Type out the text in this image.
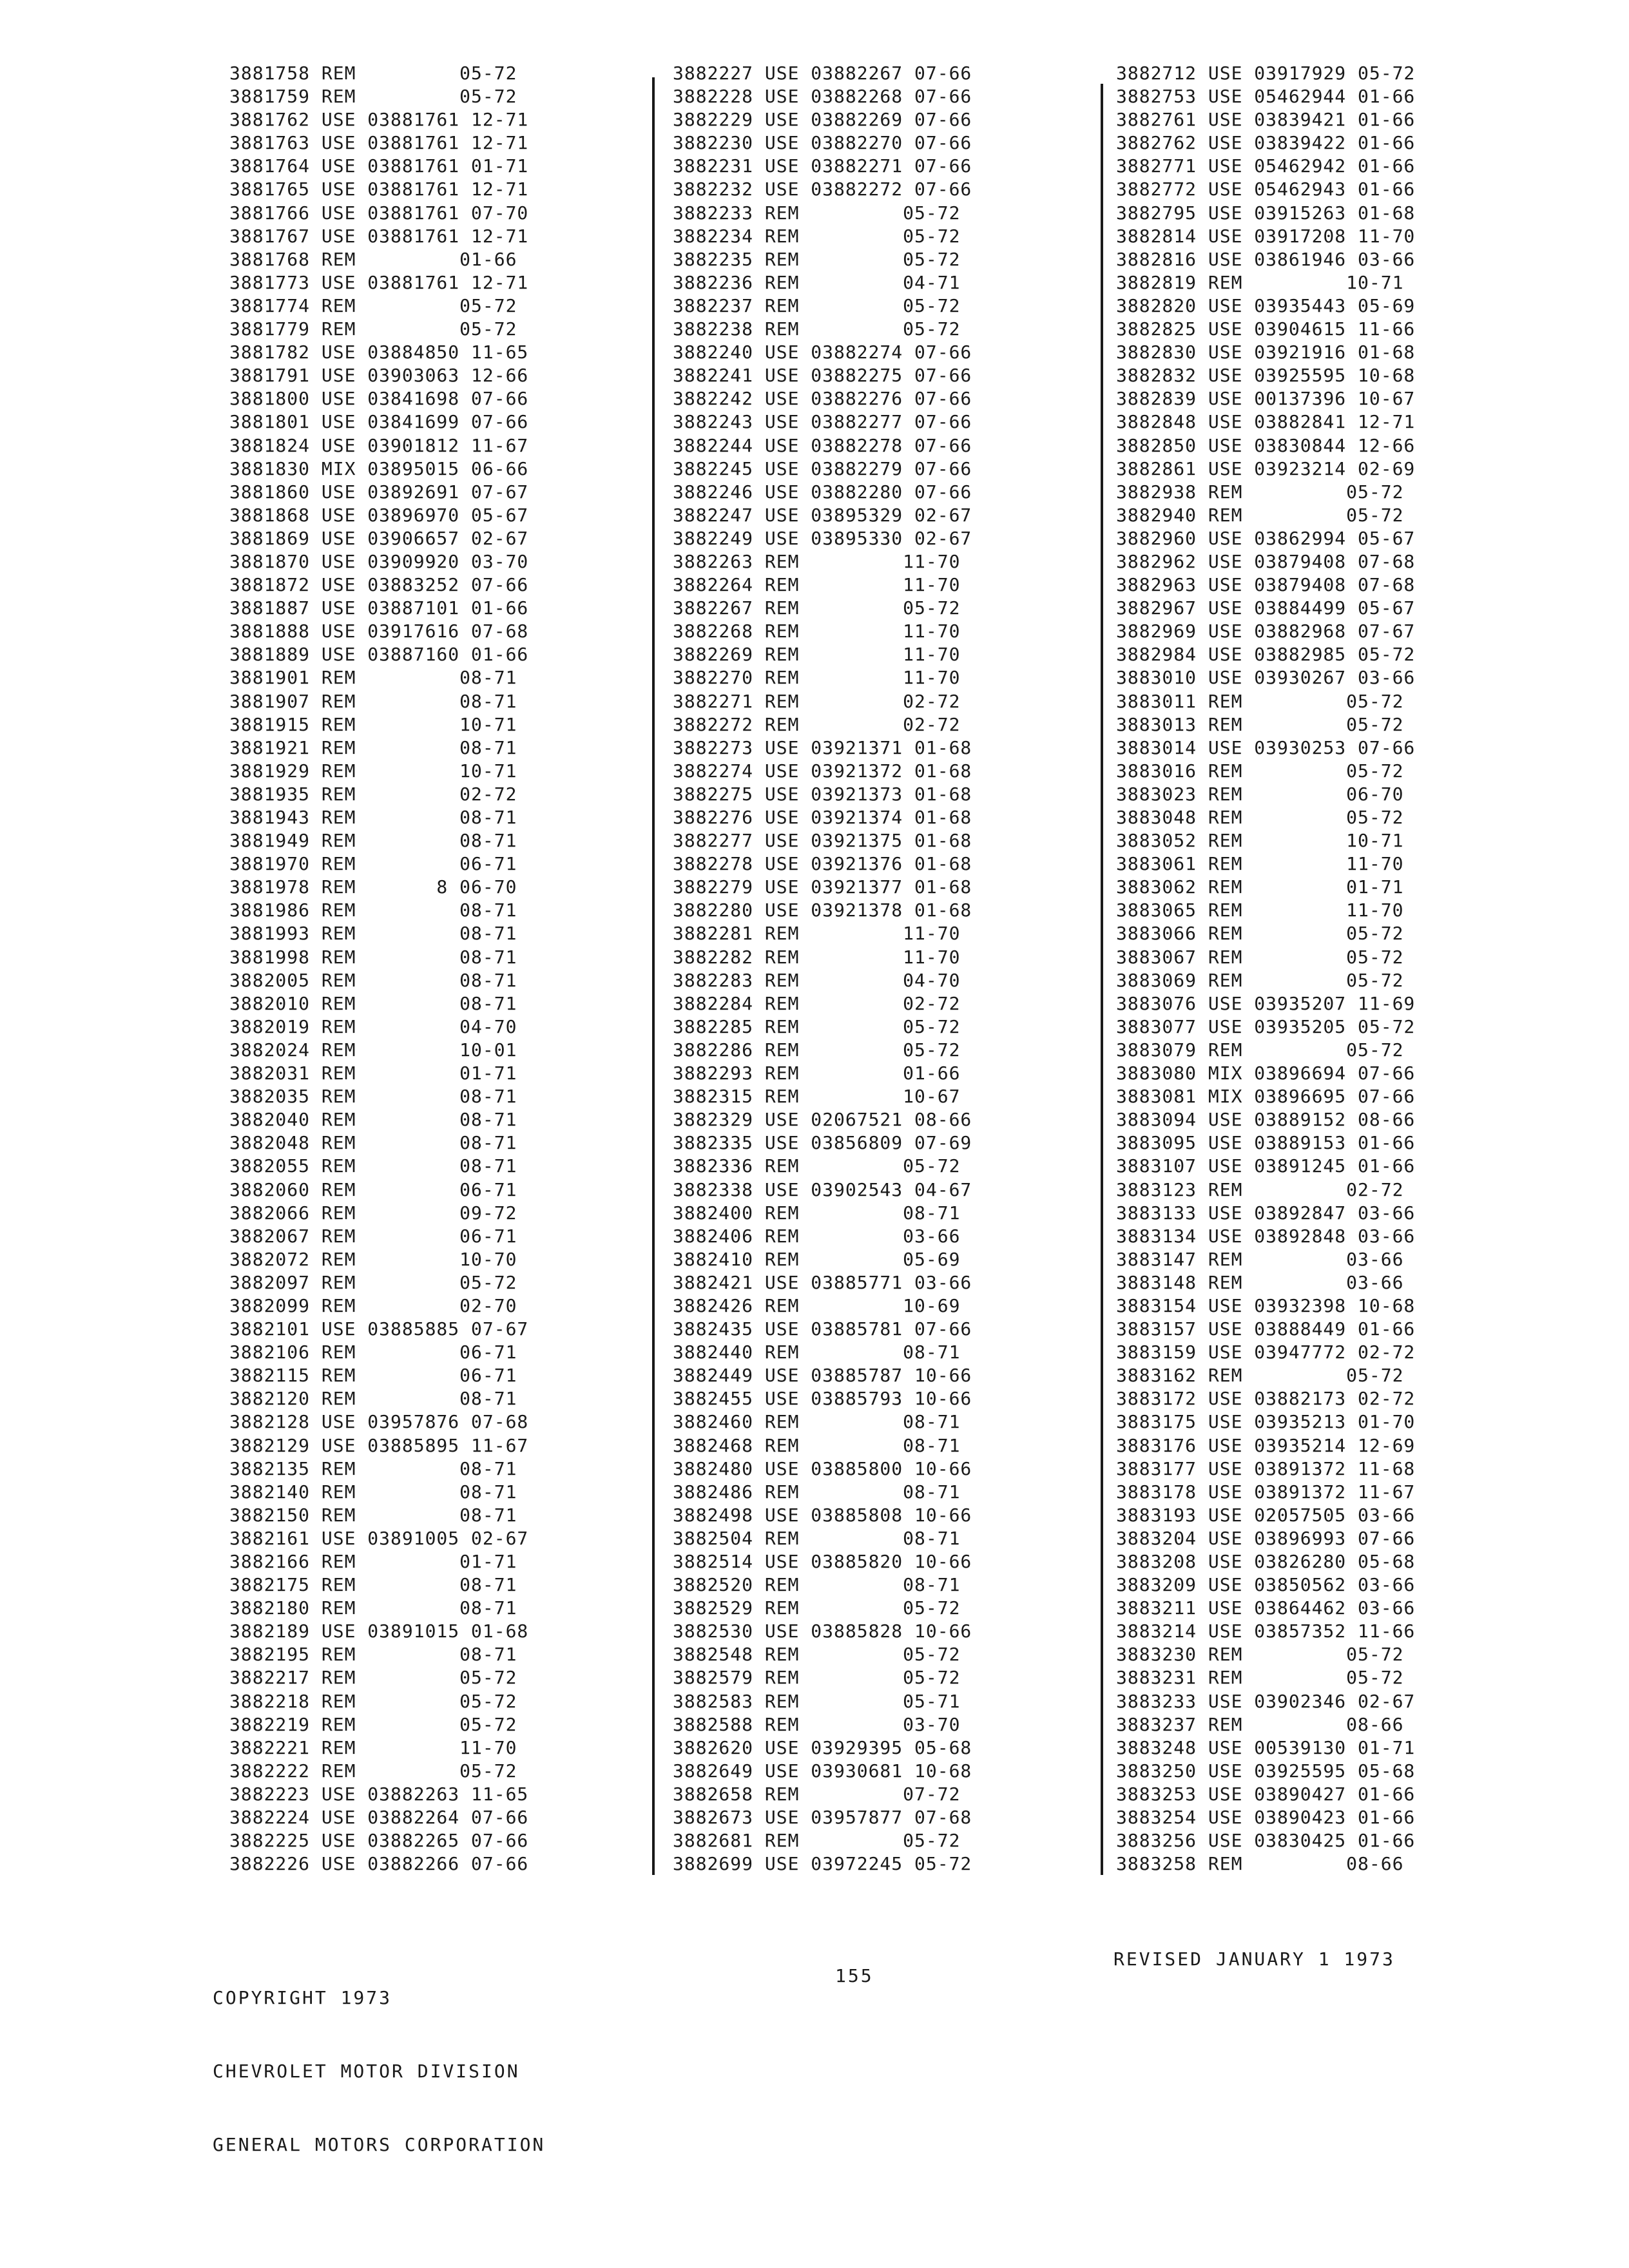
3881758 REM         05-72
3881759 REM         05-72
3881762 USE 03881761 12-71
3881763 USE 03881761 12-71
3881764 USE 03881761 01-71
3881765 USE 03881761 12-71
3881766 USE 03881761 07-70
3881767 USE 03881761 12-71
3881768 REM         01-66
3881773 USE 03881761 12-71
3881774 REM         05-72
3881779 REM         05-72
3881782 USE 03884850 11-65
3881791 USE 03903063 12-66
3881800 USE 03841698 07-66
3881801 USE 03841699 07-66
3881824 USE 03901812 11-67
3881830 MIX 03895015 06-66
3881860 USE 03892691 07-67
3881868 USE 03896970 05-67
3881869 USE 03906657 02-67
3881870 USE 03909920 03-70
3881872 USE 03883252 07-66
3881887 USE 03887101 01-66
3881888 USE 03917616 07-68
3881889 USE 03887160 01-66
3881901 REM         08-71
3881907 REM         08-71
3881915 REM         10-71
3881921 REM         08-71
3881929 REM         10-71
3881935 REM         02-72
3881943 REM         08-71
3881949 REM         08-71
3881970 REM         06-71
3881978 REM       8 06-70
3881986 REM         08-71
3881993 REM         08-71
3881998 REM         08-71
3882005 REM         08-71
3882010 REM         08-71
3882019 REM         04-70
3882024 REM         10-01
3882031 REM         01-71
3882035 REM         08-71
3882040 REM         08-71
3882048 REM         08-71
3882055 REM         08-71
3882060 REM         06-71
3882066 REM         09-72
3882067 REM         06-71
3882072 REM         10-70
3882097 REM         05-72
3882099 REM         02-70
3882101 USE 03885885 07-67
3882106 REM         06-71
3882115 REM         06-71
3882120 REM         08-71
3882128 USE 03957876 07-68
3882129 USE 03885895 11-67
3882135 REM         08-71
3882140 REM         08-71
3882150 REM         08-71
3882161 USE 03891005 02-67
3882166 REM         01-71
3882175 REM         08-71
3882180 REM         08-71
3882189 USE 03891015 01-68
3882195 REM         08-71
3882217 REM         05-72
3882218 REM         05-72
3882219 REM         05-72
3882221 REM         11-70
3882222 REM         05-72
3882223 USE 03882263 11-65
3882224 USE 03882264 07-66
3882225 USE 03882265 07-66
3882226 USE 03882266 07-66
3882227 USE 03882267 07-66
3882228 USE 03882268 07-66
3882229 USE 03882269 07-66
3882230 USE 03882270 07-66
3882231 USE 03882271 07-66
3882232 USE 03882272 07-66
3882233 REM         05-72
3882234 REM         05-72
3882235 REM         05-72
3882236 REM         04-71
3882237 REM         05-72
3882238 REM         05-72
3882240 USE 03882274 07-66
3882241 USE 03882275 07-66
3882242 USE 03882276 07-66
3882243 USE 03882277 07-66
3882244 USE 03882278 07-66
3882245 USE 03882279 07-66
3882246 USE 03882280 07-66
3882247 USE 03895329 02-67
3882249 USE 03895330 02-67
3882263 REM         11-70
3882264 REM         11-70
3882267 REM         05-72
3882268 REM         11-70
3882269 REM         11-70
3882270 REM         11-70
3882271 REM         02-72
3882272 REM         02-72
3882273 USE 03921371 01-68
3882274 USE 03921372 01-68
3882275 USE 03921373 01-68
3882276 USE 03921374 01-68
3882277 USE 03921375 01-68
3882278 USE 03921376 01-68
3882279 USE 03921377 01-68
3882280 USE 03921378 01-68
3882281 REM         11-70
3882282 REM         11-70
3882283 REM         04-70
3882284 REM         02-72
3882285 REM         05-72
3882286 REM         05-72
3882293 REM         01-66
3882315 REM         10-67
3882329 USE 02067521 08-66
3882335 USE 03856809 07-69
3882336 REM         05-72
3882338 USE 03902543 04-67
3882400 REM         08-71
3882406 REM         03-66
3882410 REM         05-69
3882421 USE 03885771 03-66
3882426 REM         10-69
3882435 USE 03885781 07-66
3882440 REM         08-71
3882449 USE 03885787 10-66
3882455 USE 03885793 10-66
3882460 REM         08-71
3882468 REM         08-71
3882480 USE 03885800 10-66
3882486 REM         08-71
3882498 USE 03885808 10-66
3882504 REM         08-71
3882514 USE 03885820 10-66
3882520 REM         08-71
3882529 REM         05-72
3882530 USE 03885828 10-66
3882548 REM         05-72
3882579 REM         05-72
3882583 REM         05-71
3882588 REM         03-70
3882620 USE 03929395 05-68
3882649 USE 03930681 10-68
3882658 REM         07-72
3882673 USE 03957877 07-68
3882681 REM         05-72
3882699 USE 03972245 05-72
3882712 USE 03917929 05-72
3882753 USE 05462944 01-66
3882761 USE 03839421 01-66
3882762 USE 03839422 01-66
3882771 USE 05462942 01-66
3882772 USE 05462943 01-66
3882795 USE 03915263 01-68
3882814 USE 03917208 11-70
3882816 USE 03861946 03-66
3882819 REM         10-71
3882820 USE 03935443 05-69
3882825 USE 03904615 11-66
3882830 USE 03921916 01-68
3882832 USE 03925595 10-68
3882839 USE 00137396 10-67
3882848 USE 03882841 12-71
3882850 USE 03830844 12-66
3882861 USE 03923214 02-69
3882938 REM         05-72
3882940 REM         05-72
3882960 USE 03862994 05-67
3882962 USE 03879408 07-68
3882963 USE 03879408 07-68
3882967 USE 03884499 05-67
3882969 USE 03882968 07-67
3882984 USE 03882985 05-72
3883010 USE 03930267 03-66
3883011 REM         05-72
3883013 REM         05-72
3883014 USE 03930253 07-66
3883016 REM         05-72
3883023 REM         06-70
3883048 REM         05-72
3883052 REM         10-71
3883061 REM         11-70
3883062 REM         01-71
3883065 REM         11-70
3883066 REM         05-72
3883067 REM         05-72
3883069 REM         05-72
3883076 USE 03935207 11-69
3883077 USE 03935205 05-72
3883079 REM         05-72
3883080 MIX 03896694 07-66
3883081 MIX 03896695 07-66
3883094 USE 03889152 08-66
3883095 USE 03889153 01-66
3883107 USE 03891245 01-66
3883123 REM         02-72
3883133 USE 03892847 03-66
3883134 USE 03892848 03-66
3883147 REM         03-66
3883148 REM         03-66
3883154 USE 03932398 10-68
3883157 USE 03888449 01-66
3883159 USE 03947772 02-72
3883162 REM         05-72
3883172 USE 03882173 02-72
3883175 USE 03935213 01-70
3883176 USE 03935214 12-69
3883177 USE 03891372 11-68
3883178 USE 03891372 11-67
3883193 USE 02057505 03-66
3883204 USE 03896993 07-66
3883208 USE 03826280 05-68
3883209 USE 03850562 03-66
3883211 USE 03864462 03-66
3883214 USE 03857352 11-66
3883230 REM         05-72
3883231 REM         05-72
3883233 USE 03902346 02-67
3883237 REM         08-66
3883248 USE 00539130 01-71
3883250 USE 03925595 05-68
3883253 USE 03890427 01-66
3883254 USE 03890423 01-66
3883256 USE 03830425 01-66
3883258 REM         08-66

COPYRIGHT 1973

CHEVROLET MOTOR DIVISION

GENERAL MOTORS CORPORATION

155
REVISED JANUARY 1 1973
